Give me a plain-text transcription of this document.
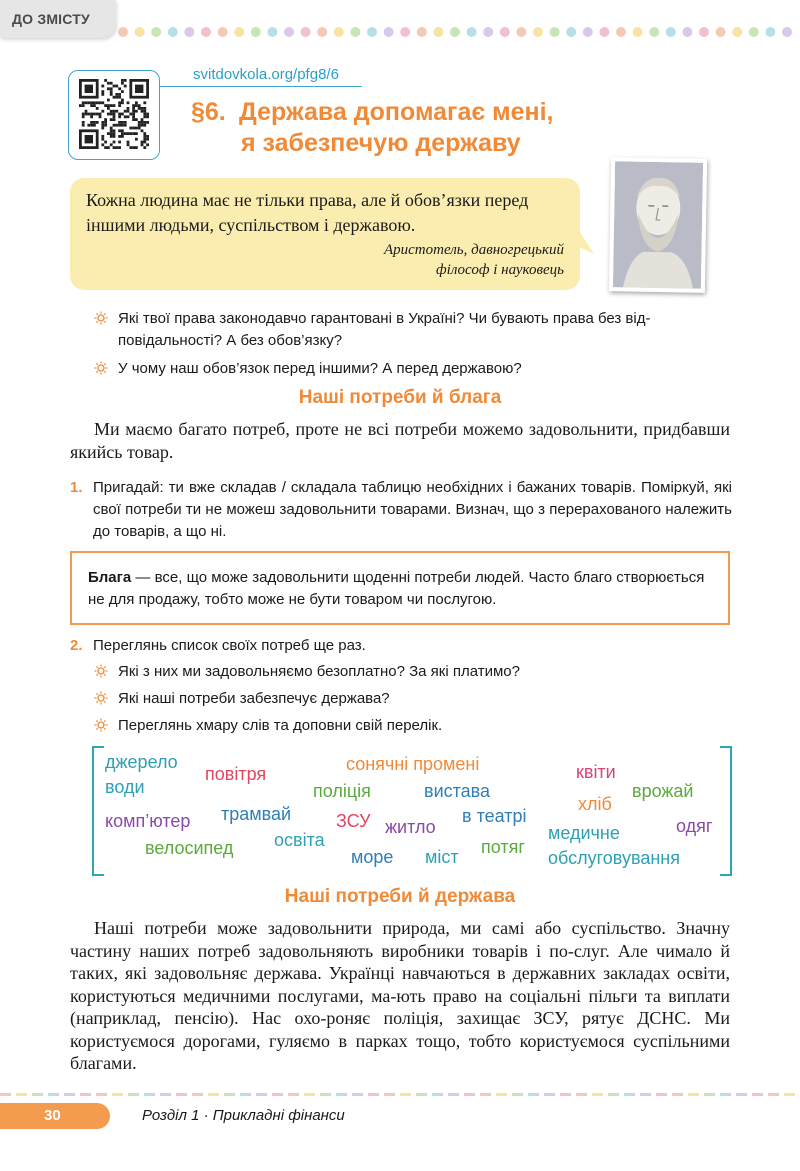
ДО ЗМІСТУ
svitdovkola.org/pfg8/6
§6. Держава допомагає мені,
я забезпечую державу
Кожна людина має не тільки права, але й обов’язки перед іншими людьми, суспільством і державою.
Аристотель, давногрецький
філософ і науковець
Які твої права законодавчо гарантовані в Україні? Чи бувають права без від-повідальності? А без обов’язку?
У чому наш обов’язок перед іншими? А перед державою?
Наші потреби й блага
Ми маємо багато потреб, проте не всі потреби можемо задовольнити, придбавши якийсь товар.
1. Пригадай: ти вже складав / складала таблицю необхідних і бажаних товарів. Поміркуй, які свої потреби ти не можеш задовольнити товарами. Визнач, що з перерахованого належить до товарів, а що ні.
Блага — все, що може задовольнити щоденні потреби людей. Часто благо створюється не для продажу, тобто може не бути товаром чи послугою.
2. Переглянь список своїх потреб ще раз.
Які з них ми задовольняємо безоплатно? За які платимо?
Які наші потреби забезпечує держава?
Переглянь хмару слів та доповни свій перелік.
джерело
води
повітря	сонячні промені	квіти
поліція	вистава	врожай
хліб
трамвай
комп’ютер	ЗСУ житло
в театрі	одяг
освіта	медичне
обслуговування
велосипед	море міст потяг
Наші потреби й держава
Наші потреби може задовольнити природа, ми самі або суспільство. Значну частину наших потреб задовольняють виробники товарів і по-слуг. Але чимало й таких, які задовольняє держава. Українці навчаються в державних закладах освіти, користуються медичними послугами, ма-ють право на соціальні пільги та виплати (наприклад, пенсію). Нас охо-роняє поліція, захищає ЗСУ, рятує ДСНС. Ми користуємося дорогами, гуляємо в парках тощо, тобто користуємося суспільними благами.
30	Розділ 1 · Прикладні фінанси
